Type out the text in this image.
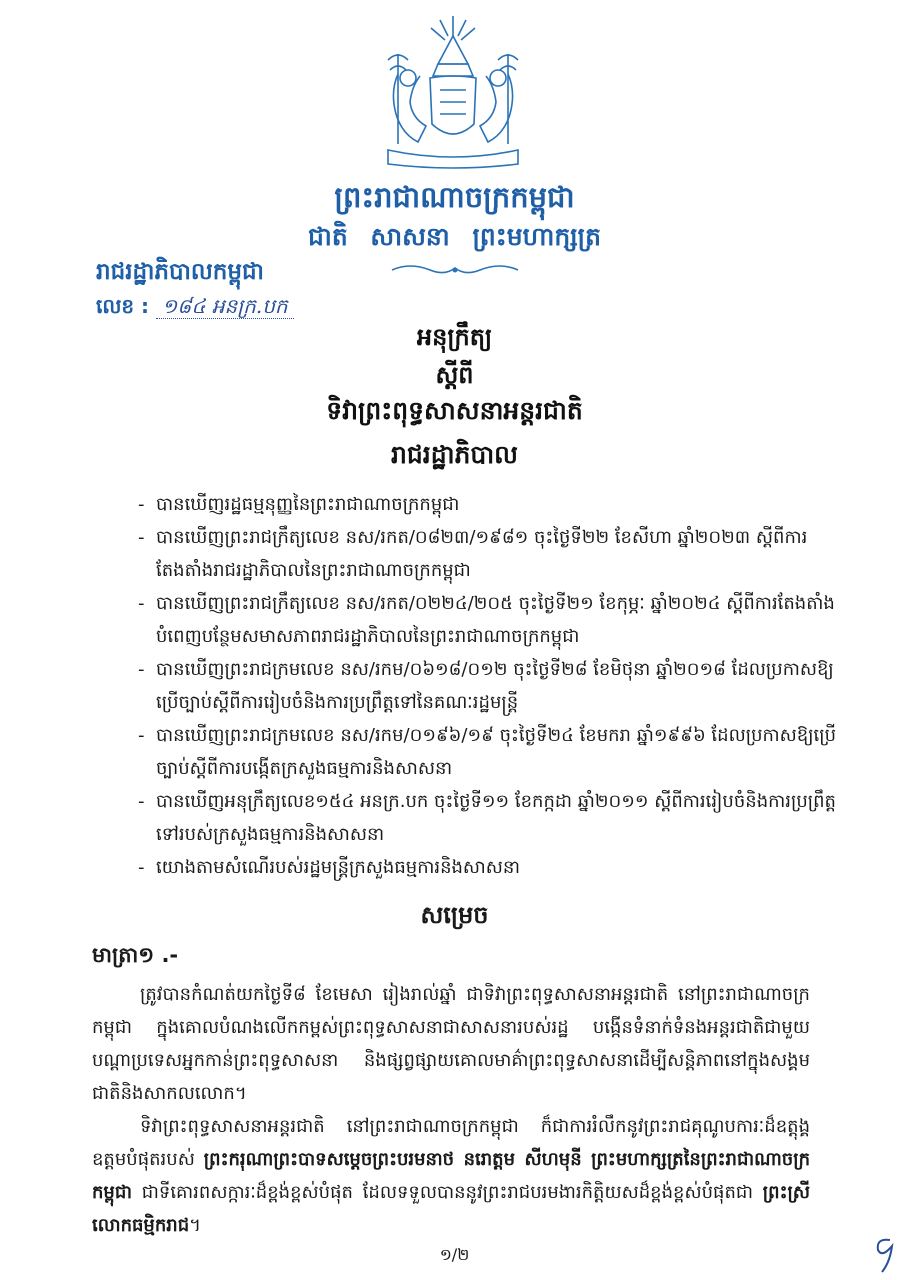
ព្រះរាជាណាចក្រកម្ពុជា
ជាតិ សាសនា ព្រះមហាក្សត្រ
រាជរដ្ឋាភិបាលកម្ពុជា
លេខ : ១៨៤ អនក្រ.បក
អនុក្រឹត្យ
ស្តីពី
ទិវាព្រះពុទ្ធសាសនាអន្តរជាតិ
រាជរដ្ឋាភិបាល
- បានឃើញរដ្ឋធម្មនុញ្ញនៃព្រះរាជាណាចក្រកម្ពុជា
- បានឃើញព្រះរាជក្រឹត្យលេខ នស/រកត/០៨២៣/១៩៨១ ចុះថ្ងៃទី២២ ខែសីហា ឆ្នាំ២០២៣ ស្តីពីការតែងតាំងរាជរដ្ឋាភិបាលនៃព្រះរាជាណាចក្រកម្ពុជា
- បានឃើញព្រះរាជក្រឹត្យលេខ នស/រកត/០២២៤/២០៥ ចុះថ្ងៃទី២១ ខែកុម្ភៈ ឆ្នាំ២០២៤ ស្តីពីការតែងតាំងបំពេញបន្ថែមសមាសភាពរាជរដ្ឋាភិបាលនៃព្រះរាជាណាចក្រកម្ពុជា
- បានឃើញព្រះរាជក្រមលេខ នស/រកម/០៦១៨/០១២ ចុះថ្ងៃទី២៨ ខែមិថុនា ឆ្នាំ២០១៨ ដែលប្រកាសឱ្យប្រើច្បាប់ស្តីពីការរៀបចំនិងការប្រព្រឹត្តទៅនៃគណៈរដ្ឋមន្ត្រី
- បានឃើញព្រះរាជក្រមលេខ នស/រកម/០១៩៦/១៩ ចុះថ្ងៃទី២៤ ខែមករា ឆ្នាំ១៩៩៦ ដែលប្រកាសឱ្យប្រើច្បាប់ស្តីពីការបង្កើតក្រសួងធម្មការនិងសាសនា
- បានឃើញអនុក្រឹត្យលេខ១៥៤ អនក្រ.បក ចុះថ្ងៃទី១១ ខែកក្កដា ឆ្នាំ២០១១ ស្តីពីការរៀបចំនិងការប្រព្រឹត្តទៅរបស់ក្រសួងធម្មការនិងសាសនា
- យោងតាមសំណើរបស់រដ្ឋមន្ត្រីក្រសួងធម្មការនិងសាសនា
សម្រេច
មាត្រា១ .-
ត្រូវបានកំណត់យកថ្ងៃទី៨ ខែមេសា រៀងរាល់ឆ្នាំ ជាទិវាព្រះពុទ្ធសាសនាអន្តរជាតិ នៅព្រះរាជាណាចក្រកម្ពុជា ក្នុងគោលបំណងលើកកម្ពស់ព្រះពុទ្ធសាសនាជាសាសនារបស់រដ្ឋ បង្កើនទំនាក់ទំនងអន្តរជាតិជាមួយបណ្តាប្រទេសអ្នកកាន់ព្រះពុទ្ធសាសនា និងផ្សព្វផ្សាយគោលមាគ៌ាព្រះពុទ្ធសាសនាដើម្បីសន្តិភាពនៅក្នុងសង្គមជាតិនិងសាកលលោក។
ទិវាព្រះពុទ្ធសាសនាអន្តរជាតិ នៅព្រះរាជាណាចក្រកម្ពុជា ក៏ជាការរំលឹកនូវព្រះរាជគុណូបការៈដ៏ឧត្តុង្គឧត្តមបំផុតរបស់ ព្រះករុណាព្រះបាទសម្តេចព្រះបរមនាថ នរោត្តម សីហមុនី ព្រះមហាក្សត្រនៃព្រះរាជាណាចក្រកម្ពុជា ជាទីគោរពសក្ការៈដ៏ខ្ពង់ខ្ពស់បំផុត ដែលទទួលបាននូវព្រះរាជបរមងារកិត្តិយសដ៏ខ្ពង់ខ្ពស់បំផុតជា ព្រះស្រីលោកធម្មិករាជ។
១/២
